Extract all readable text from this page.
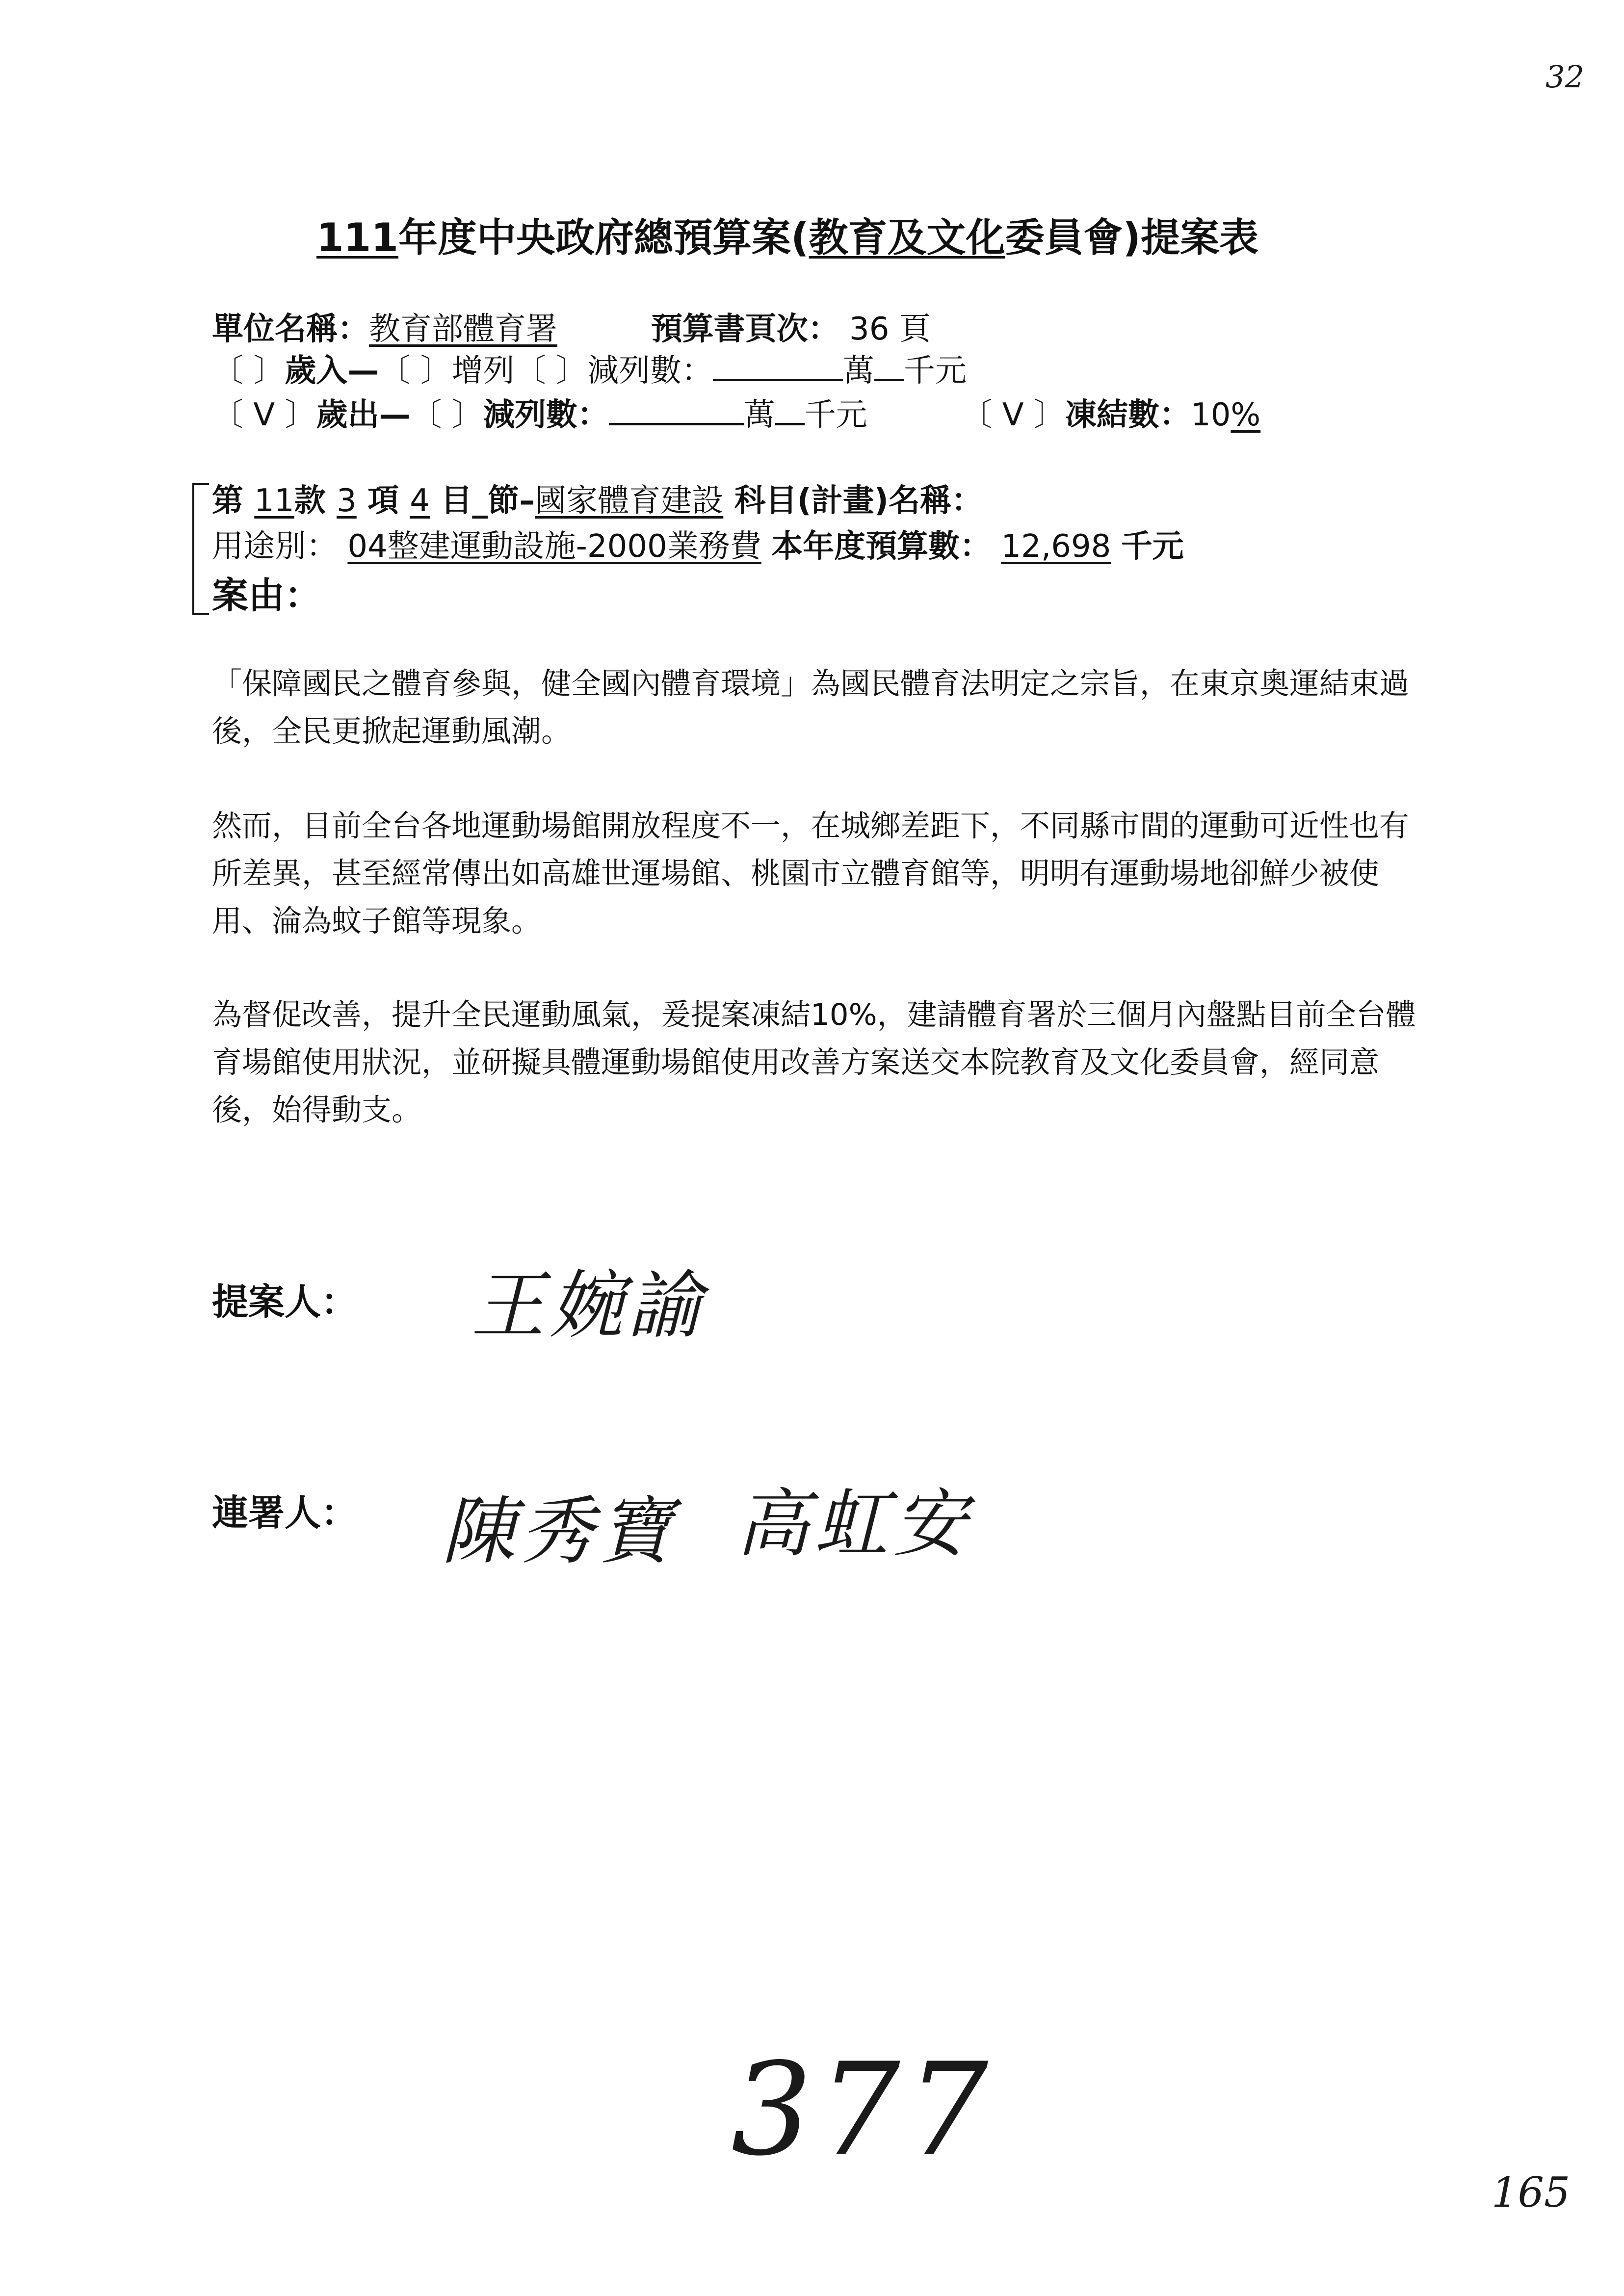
32
111年度中央政府總預算案(教育及文化委員會)提案表
單位名稱：教育部體育署	預算書頁次： 36 頁
〔 〕歲入—〔 〕增列〔 〕減列數：	萬 千元
〔 V 〕歲出—〔 〕減列數：	萬 千元	〔 V 〕凍結數：10%
第 11款 3 項 4 目_節–國家體育建設 科目(計畫)名稱：
用途別： 04整建運動設施-2000業務費 本年度預算數： 12,698 千元
案由：

「保障國民之體育參與，健全國內體育環境」為國民體育法明定之宗旨，在東京奧運結束過後，全民更掀起運動風潮。

然而，目前全台各地運動場館開放程度不一，在城鄉差距下，不同縣市間的運動可近性也有所差異，甚至經常傳出如高雄世運場館、桃園市立體育館等，明明有運動場地卻鮮少被使用、淪為蚊子館等現象。

為督促改善，提升全民運動風氣，爰提案凍結10%，建請體育署於三個月內盤點目前全台體育場館使用狀況，並研擬具體運動場館使用改善方案送交本院教育及文化委員會，經同意後，始得動支。

提案人： 王婉諭
連署人： 陳秀寶 高虹安
377
165
